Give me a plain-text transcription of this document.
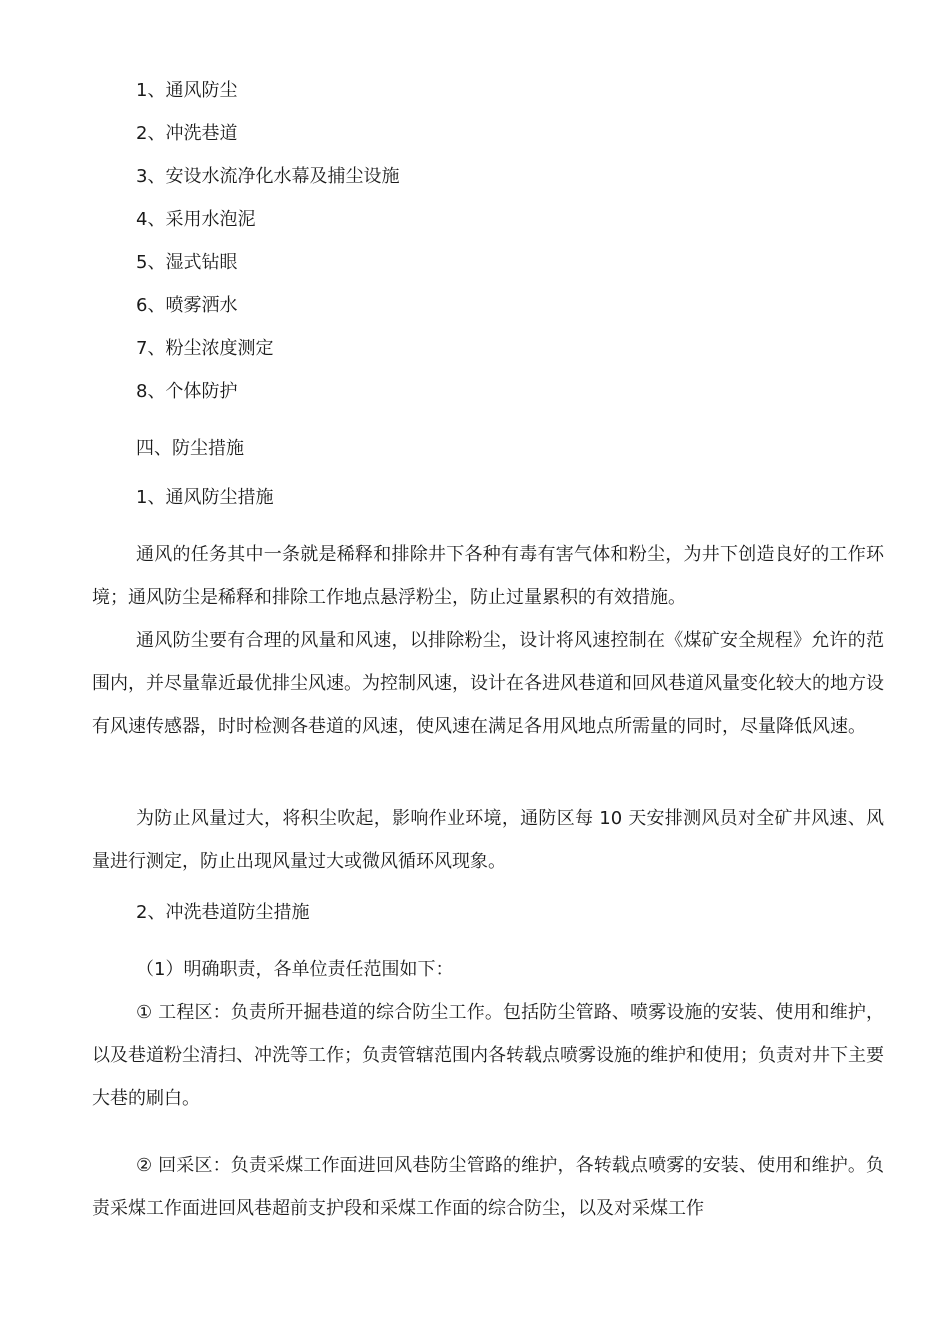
1、通风防尘
2、冲洗巷道
3、安设水流净化水幕及捕尘设施
4、采用水泡泥
5、湿式钻眼
6、喷雾洒水
7、粉尘浓度测定
8、个体防护
四、防尘措施
1、通风防尘措施

通风的任务其中一条就是稀释和排除井下各种有毒有害气体和粉尘，为井下创造良好的工作环境；通风防尘是稀释和排除工作地点悬浮粉尘，防止过量累积的有效措施。

通风防尘要有合理的风量和风速，以排除粉尘，设计将风速控制在《煤矿安全规程》允许的范围内，并尽量靠近最优排尘风速。为控制风速，设计在各进风巷道和回风巷道风量变化较大的地方设有风速传感器，时时检测各巷道的风速，使风速在满足各用风地点所需量的同时，尽量降低风速。

为防止风量过大，将积尘吹起，影响作业环境，通防区每 10 天安排测风员对全矿井风速、风量进行测定，防止出现风量过大或微风循环风现象。

2、冲洗巷道防尘措施
（1）明确职责，各单位责任范围如下：

① 工程区：负责所开掘巷道的综合防尘工作。包括防尘管路、喷雾设施的安装、使用和维护，以及巷道粉尘清扫、冲洗等工作；负责管辖范围内各转载点喷雾设施的维护和使用；负责对井下主要大巷的刷白。

② 回采区：负责采煤工作面进回风巷防尘管路的维护，各转载点喷雾的安装、使用和维护。负责采煤工作面进回风巷超前支护段和采煤工作面的综合防尘，以及对采煤工作
